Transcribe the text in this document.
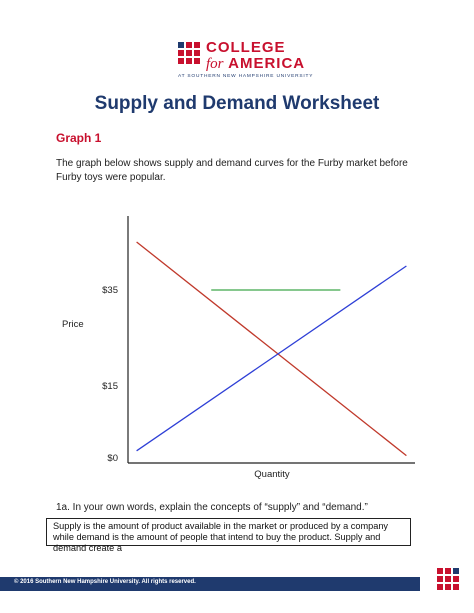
COLLEGE
for AMERICA
AT SOUTHERN NEW HAMPSHIRE UNIVERSITY
Supply and Demand Worksheet
Graph 1
The graph below shows supply and demand curves for the Furby market before Furby toys were popular.
Price
Quantity
$0
$15
$35
1a. In your own words, explain the concepts of “supply” and “demand.”
Supply is the amount of product available in the market or produced by a company while demand is the amount of people that intend to buy the product. Supply and demand create a
© 2016 Southern New Hampshire University. All rights reserved.
